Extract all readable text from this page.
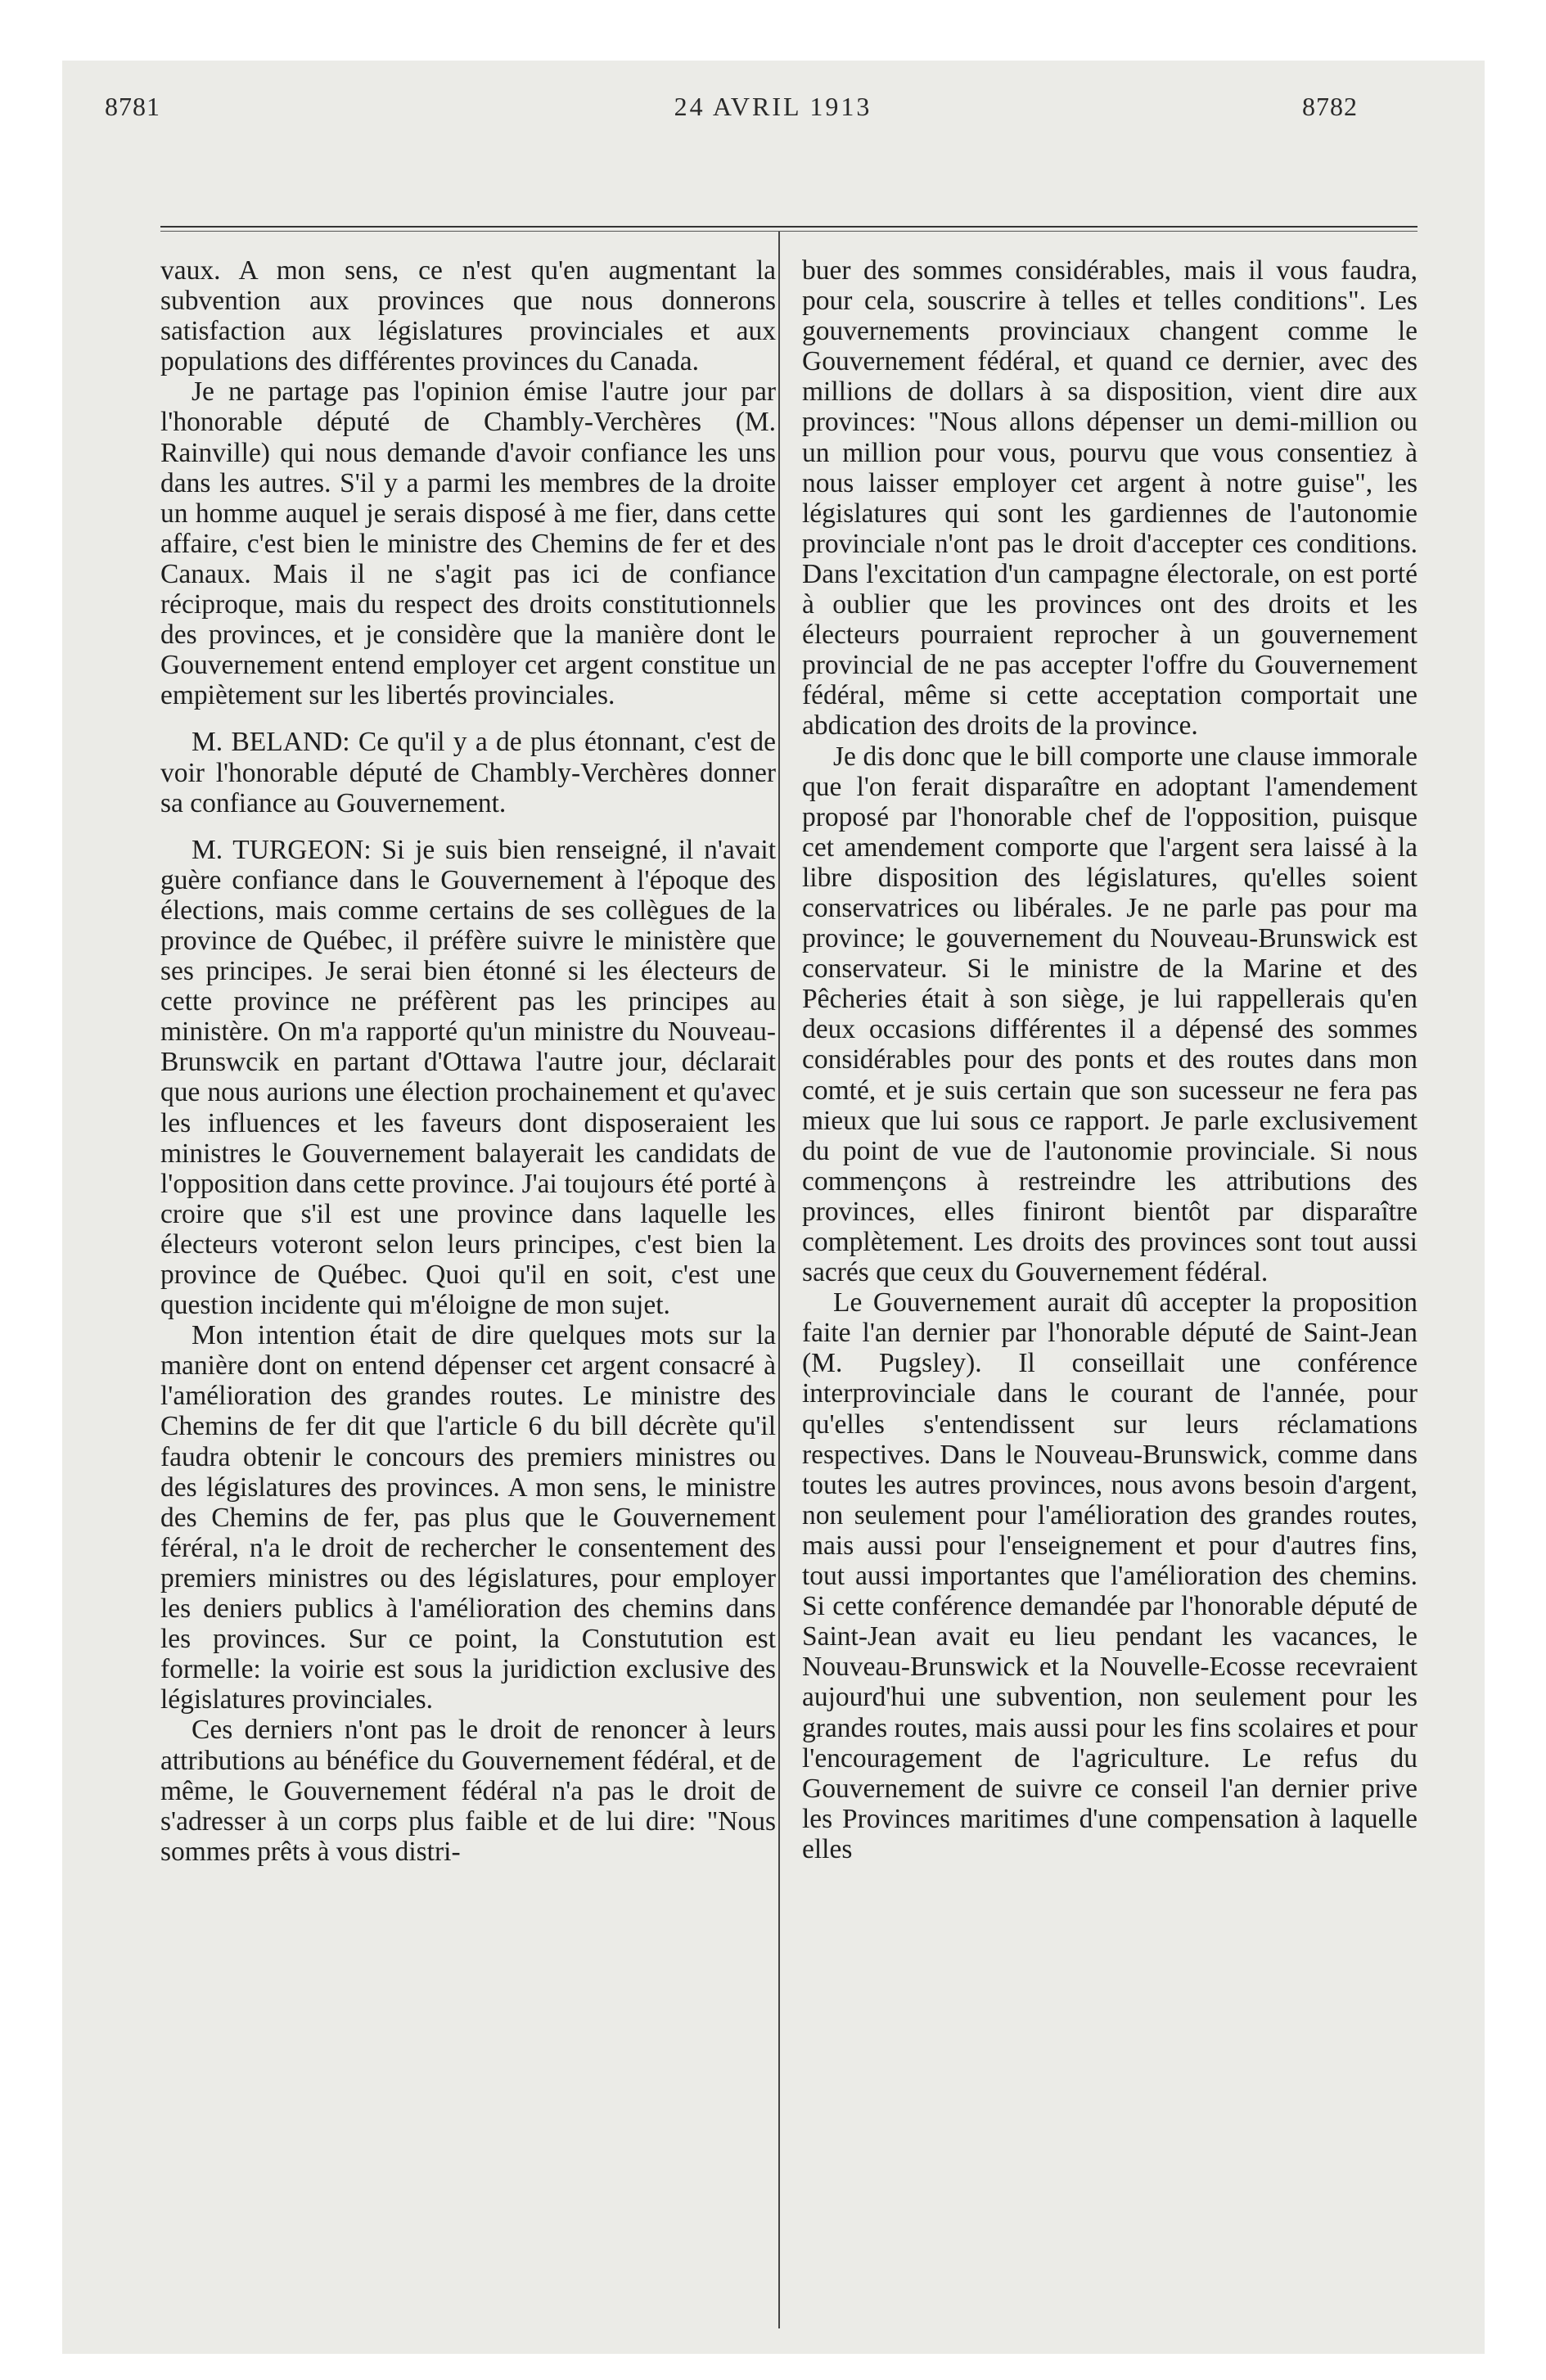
8781	24 AVRIL 1913	8782

vaux. A mon sens, ce n'est qu'en augmentant la subvention aux provinces que nous donnerons satisfaction aux législatures provinciales et aux populations des différentes provinces du Canada.

Je ne partage pas l'opinion émise l'autre jour par l'honorable député de Chambly-Verchères (M. Rainville) qui nous demande d'avoir confiance les uns dans les autres. S'il y a parmi les membres de la droite un homme auquel je serais disposé à me fier, dans cette affaire, c'est bien le ministre des Chemins de fer et des Canaux. Mais il ne s'agit pas ici de confiance réciproque, mais du respect des droits constitutionnels des provinces, et je considère que la manière dont le Gouvernement entend employer cet argent constitue un empiètement sur les libertés provinciales.

M. BELAND: Ce qu'il y a de plus étonnant, c'est de voir l'honorable député de Chambly-Verchères donner sa confiance au Gouvernement.

M. TURGEON: Si je suis bien renseigné, il n'avait guère confiance dans le Gouvernement à l'époque des élections, mais comme certains de ses collègues de la province de Québec, il préfère suivre le ministère que ses principes. Je serai bien étonné si les électeurs de cette province ne préfèrent pas les principes au ministère. On m'a rapporté qu'un ministre du Nouveau-Brunswcik en partant d'Ottawa l'autre jour, déclarait que nous aurions une élection prochainement et qu'avec les influences et les faveurs dont disposeraient les ministres le Gouvernement balayerait les candidats de l'opposition dans cette province. J'ai toujours été porté à croire que s'il est une province dans laquelle les électeurs voteront selon leurs principes, c'est bien la province de Québec. Quoi qu'il en soit, c'est une question incidente qui m'éloigne de mon sujet.

Mon intention était de dire quelques mots sur la manière dont on entend dépenser cet argent consacré à l'amélioration des grandes routes. Le ministre des Chemins de fer dit que l'article 6 du bill décrète qu'il faudra obtenir le concours des premiers ministres ou des législatures des provinces. A mon sens, le ministre des Chemins de fer, pas plus que le Gouvernement féréral, n'a le droit de rechercher le consentement des premiers ministres ou des législatures, pour employer les deniers publics à l'amélioration des chemins dans les provinces. Sur ce point, la Constutution est formelle: la voirie est sous la juridiction exclusive des législatures provinciales.

Ces derniers n'ont pas le droit de renoncer à leurs attributions au bénéfice du Gouvernement fédéral, et de même, le Gouvernement fédéral n'a pas le droit de s'adresser à un corps plus faible et de lui dire: "Nous sommes prêts à vous distri-

buer des sommes considérables, mais il vous faudra, pour cela, souscrire à telles et telles conditions". Les gouvernements provinciaux changent comme le Gouvernement fédéral, et quand ce dernier, avec des millions de dollars à sa disposition, vient dire aux provinces: "Nous allons dépenser un demi-million ou un million pour vous, pourvu que vous consentiez à nous laisser employer cet argent à notre guise", les législatures qui sont les gardiennes de l'autonomie provinciale n'ont pas le droit d'accepter ces conditions. Dans l'excitation d'un campagne électorale, on est porté à oublier que les provinces ont des droits et les électeurs pourraient reprocher à un gouvernement provincial de ne pas accepter l'offre du Gouvernement fédéral, même si cette acceptation comportait une abdication des droits de la province.

Je dis donc que le bill comporte une clause immorale que l'on ferait disparaître en adoptant l'amendement proposé par l'honorable chef de l'opposition, puisque cet amendement comporte que l'argent sera laissé à la libre disposition des législatures, qu'elles soient conservatrices ou libérales. Je ne parle pas pour ma province; le gouvernement du Nouveau-Brunswick est conservateur. Si le ministre de la Marine et des Pêcheries était à son siège, je lui rappellerais qu'en deux occasions différentes il a dépensé des sommes considérables pour des ponts et des routes dans mon comté, et je suis certain que son sucesseur ne fera pas mieux que lui sous ce rapport. Je parle exclusivement du point de vue de l'autonomie provinciale. Si nous commençons à restreindre les attributions des provinces, elles finiront bientôt par disparaître complètement. Les droits des provinces sont tout aussi sacrés que ceux du Gouvernement fédéral.

Le Gouvernement aurait dû accepter la proposition faite l'an dernier par l'honorable député de Saint-Jean (M. Pugsley). Il conseillait une conférence interprovinciale dans le courant de l'année, pour qu'elles s'entendissent sur leurs réclamations respectives. Dans le Nouveau-Brunswick, comme dans toutes les autres provinces, nous avons besoin d'argent, non seulement pour l'amélioration des grandes routes, mais aussi pour l'enseignement et pour d'autres fins, tout aussi importantes que l'amélioration des chemins. Si cette conférence demandée par l'honorable député de Saint-Jean avait eu lieu pendant les vacances, le Nouveau-Brunswick et la Nouvelle-Ecosse recevraient aujourd'hui une subvention, non seulement pour les grandes routes, mais aussi pour les fins scolaires et pour l'encouragement de l'agriculture. Le refus du Gouvernement de suivre ce conseil l'an dernier prive les Provinces maritimes d'une compensation à laquelle elles
